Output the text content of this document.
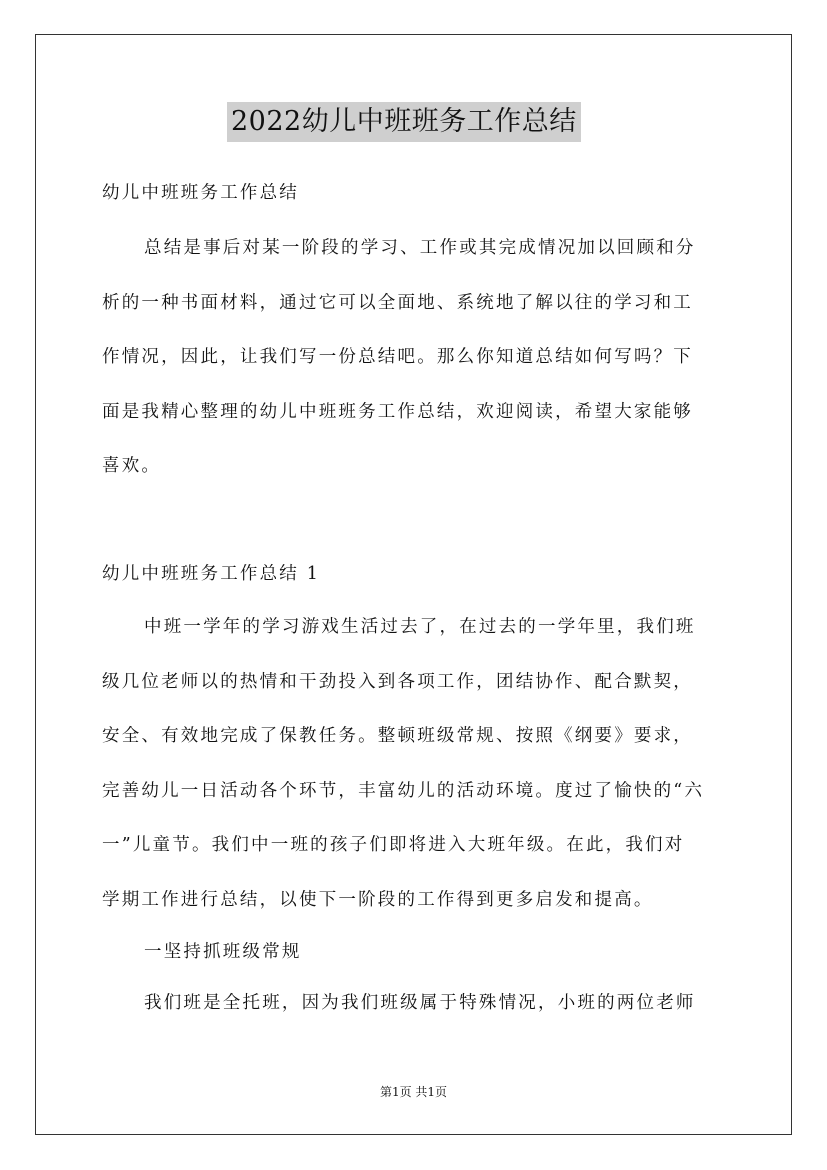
2022幼儿中班班务工作总结
幼儿中班班务工作总结
总结是事后对某一阶段的学习、工作或其完成情况加以回顾和分
析的一种书面材料，通过它可以全面地、系统地了解以往的学习和工
作情况，因此，让我们写一份总结吧。那么你知道总结如何写吗？下
面是我精心整理的幼儿中班班务工作总结，欢迎阅读，希望大家能够
喜欢。
幼儿中班班务工作总结 1
中班一学年的学习游戏生活过去了，在过去的一学年里，我们班
级几位老师以的热情和干劲投入到各项工作，团结协作、配合默契，
安全、有效地完成了保教任务。整顿班级常规、按照《纲要》要求，
完善幼儿一日活动各个环节，丰富幼儿的活动环境。度过了愉快的“六
一”儿童节。我们中一班的孩子们即将进入大班年级。在此，我们对
学期工作进行总结，以使下一阶段的工作得到更多启发和提高。
一坚持抓班级常规
我们班是全托班，因为我们班级属于特殊情况，小班的两位老师
第1页 共1页
